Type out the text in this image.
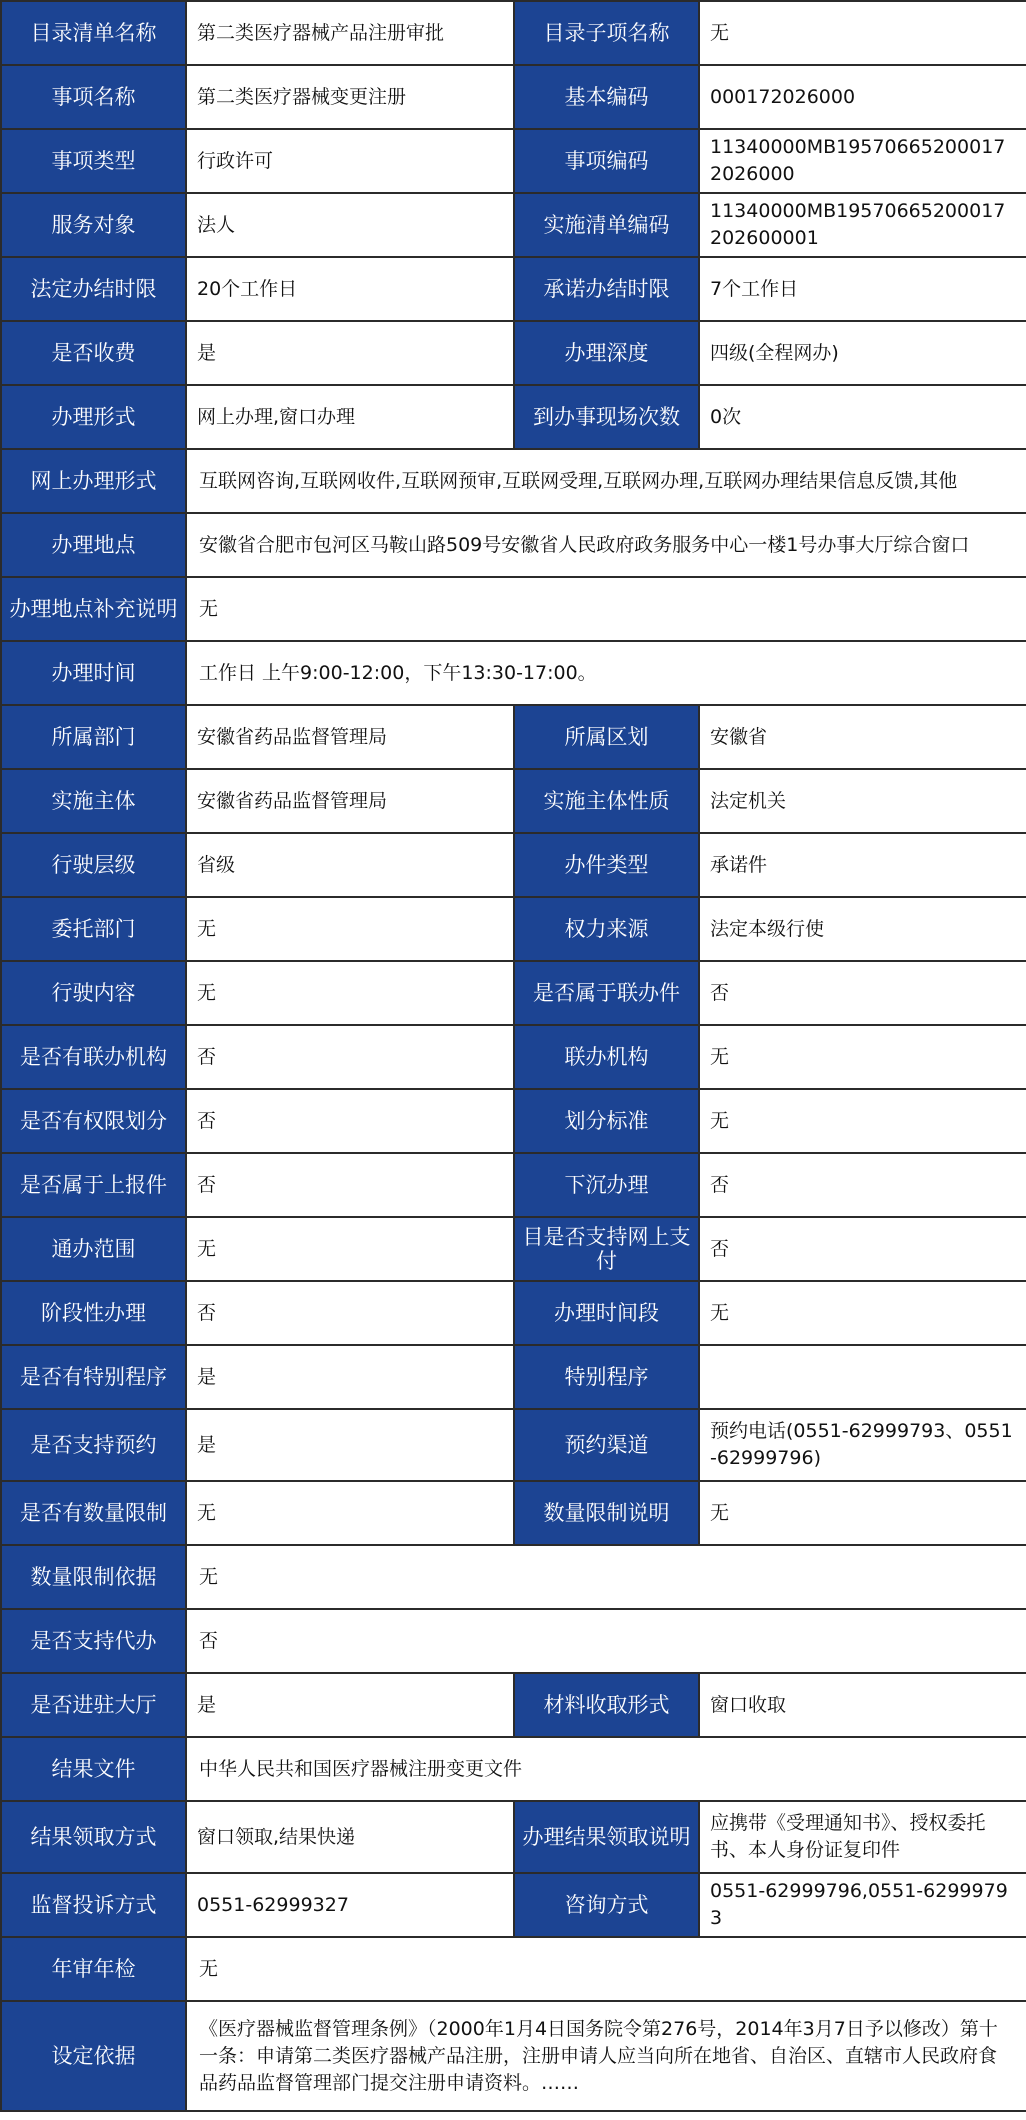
目录清单名称	第二类医疗器械产品注册审批	目录子项名称	无
事项名称	第二类医疗器械变更注册	基本编码	000172026000
事项类型	行政许可	事项编码	11340000MB195706652000172026000
服务对象	法人	实施清单编码	11340000MB19570665200017202600001
法定办结时限	20个工作日	承诺办结时限	7个工作日
是否收费	是	办理深度	四级(全程网办)
办理形式	网上办理,窗口办理	到办事现场次数	0次
网上办理形式	互联网咨询,互联网收件,互联网预审,互联网受理,互联网办理,互联网办理结果信息反馈,其他		
办理地点	安徽省合肥市包河区马鞍山路509号安徽省人民政府政务服务中心一楼1号办事大厅综合窗口		
办理地点补充说明	无		
办理时间	工作日 上午9:00-12:00，下午13:30-17:00。		
所属部门	安徽省药品监督管理局	所属区划	安徽省
实施主体	安徽省药品监督管理局	实施主体性质	法定机关
行驶层级	省级	办件类型	承诺件
委托部门	无	权力来源	法定本级行使
行驶内容	无	是否属于联办件	否
是否有联办机构	否	联办机构	无
是否有权限划分	否	划分标准	无
是否属于上报件	否	下沉办理	否
通办范围	无	目是否支持网上支付	否
阶段性办理	否	办理时间段	无
是否有特别程序	是	特别程序	
是否支持预约	是	预约渠道	预约电话(0551-62999793、0551-62999796)
是否有数量限制	无	数量限制说明	无
数量限制依据	无		
是否支持代办	否		
是否进驻大厅	是	材料收取形式	窗口收取
结果文件	中华人民共和国医疗器械注册变更文件		
结果领取方式	窗口领取,结果快递	办理结果领取说明	应携带《受理通知书》、授权委托书、本人身份证复印件
监督投诉方式	0551-62999327	咨询方式	0551-62999796,0551-62999793
年审年检	无		
设定依据	《医疗器械监督管理条例》（2000年1月4日国务院令第276号，2014年3月7日予以修改）第十一条：申请第二类医疗器械产品注册，注册申请人应当向所在地省、自治区、直辖市人民政府食品药品监督管理部门提交注册申请资料。……		
